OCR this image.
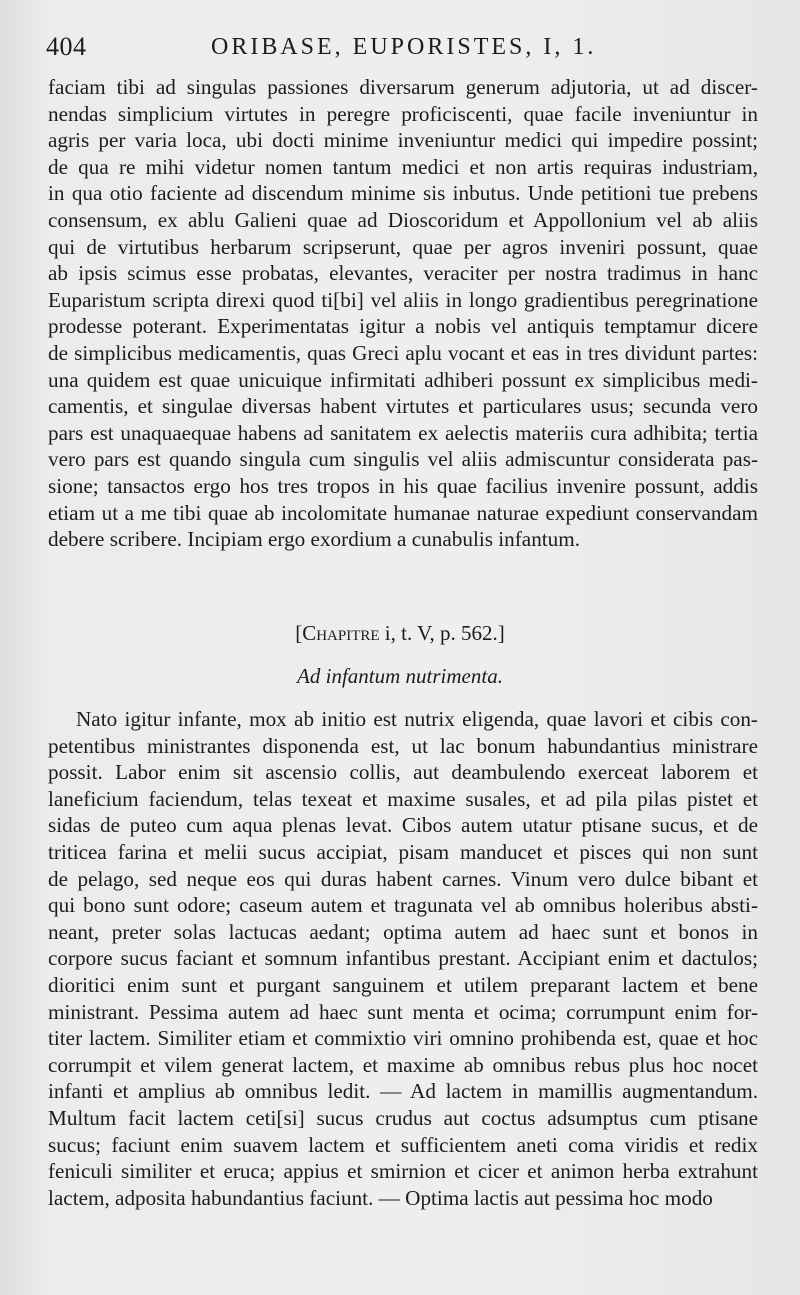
404	ORIBASE, EUPORISTES, I, 1.
faciam tibi ad singulas passiones diversarum generum adjutoria, ut ad discer-
nendas simplicium virtutes in peregre proficiscenti, quae facile inveniuntur in
agris per varia loca, ubi docti minime inveniuntur medici qui impedire possint;
de qua re mihi videtur nomen tantum medici et non artis requiras industriam,
in qua otio faciente ad discendum minime sis inbutus. Unde petitioni tue prebens
consensum, ex ablu Galieni quae ad Dioscoridum et Appollonium vel ab aliis
qui de virtutibus herbarum scripserunt, quae per agros inveniri possunt, quae
ab ipsis scimus esse probatas, elevantes, veraciter per nostra tradimus in hanc
Euparistum scripta direxi quod ti[bi] vel aliis in longo gradientibus peregrinatione
prodesse poterant. Experimentatas igitur a nobis vel antiquis temptamur dicere
de simplicibus medicamentis, quas Greci aplu vocant et eas in tres dividunt partes:
una quidem est quae unicuique infirmitati adhiberi possunt ex simplicibus medi-
camentis, et singulae diversas habent virtutes et particulares usus; secunda vero
pars est unaquaequae habens ad sanitatem ex aelectis materiis cura adhibita; tertia
vero pars est quando singula cum singulis vel aliis admiscuntur considerata pas-
sione; tansactos ergo hos tres tropos in his quae facilius invenire possunt, addis
etiam ut a me tibi quae ab incolomitate humanae naturae expediunt conservandam
debere scribere. Incipiam ergo exordium a cunabulis infantum.
[Chapitre i, t. V, p. 562.]
Ad infantum nutrimenta.
Nato igitur infante, mox ab initio est nutrix eligenda, quae lavori et cibis con-
petentibus ministrantes disponenda est, ut lac bonum habundantius ministrare
possit. Labor enim sit ascensio collis, aut deambulendo exerceat laborem et
laneficium faciendum, telas texeat et maxime susales, et ad pila pilas pistet et
sidas de puteo cum aqua plenas levat. Cibos autem utatur ptisane sucus, et de
triticea farina et melii sucus accipiat, pisam manducet et pisces qui non sunt
de pelago, sed neque eos qui duras habent carnes. Vinum vero dulce bibant et
qui bono sunt odore; caseum autem et tragunata vel ab omnibus holeribus absti-
neant, preter solas lactucas aedant; optima autem ad haec sunt et bonos in
corpore sucus faciant et somnum infantibus prestant. Accipiant enim et dactulos;
dioritici enim sunt et purgant sanguinem et utilem preparant lactem et bene
ministrant. Pessima autem ad haec sunt menta et ocima; corrumpunt enim for-
titer lactem. Similiter etiam et commixtio viri omnino prohibenda est, quae et hoc
corrumpit et vilem generat lactem, et maxime ab omnibus rebus plus hoc nocet
infanti et amplius ab omnibus ledit. — Ad lactem in mamillis augmentandum.
Multum facit lactem ceti[si] sucus crudus aut coctus adsumptus cum ptisane
sucus; faciunt enim suavem lactem et sufficientem aneti coma viridis et redix
feniculi similiter et eruca; appius et smirnion et cicer et animon herba extrahunt
lactem, adposita habundantius faciunt. — Optima lactis aut pessima hoc modo
